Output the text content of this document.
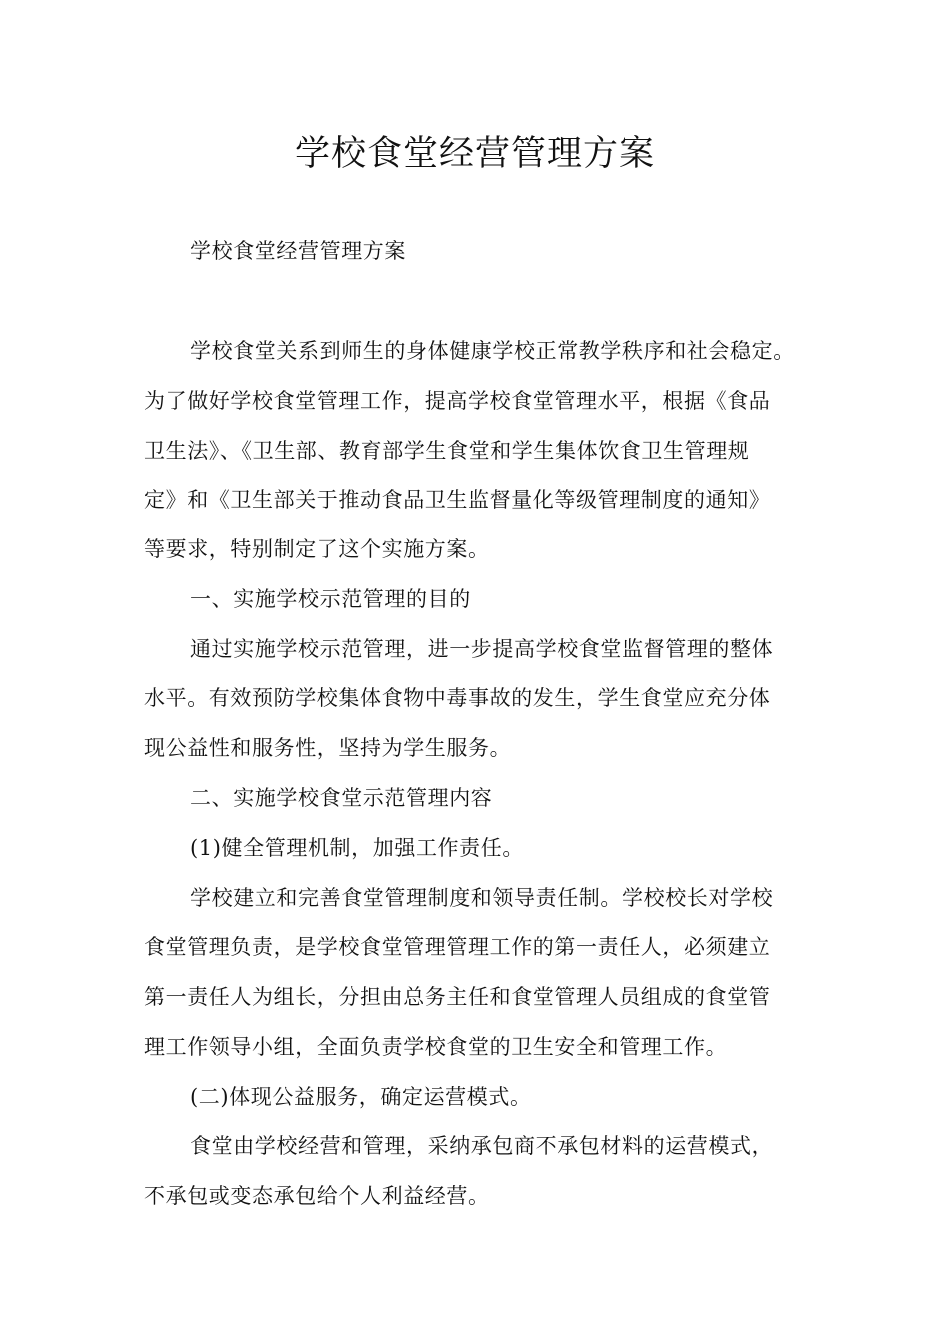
学校食堂经营管理方案
学校食堂经营管理方案
学校食堂关系到师生的身体健康学校正常教学秩序和社会稳定。
为了做好学校食堂管理工作，提高学校食堂管理水平，根据《食品
卫生法》、《卫生部、教育部学生食堂和学生集体饮食卫生管理规
定》和《卫生部关于推动食品卫生监督量化等级管理制度的通知》
等要求，特别制定了这个实施方案。
一、实施学校示范管理的目的
通过实施学校示范管理，进一步提高学校食堂监督管理的整体
水平。有效预防学校集体食物中毒事故的发生，学生食堂应充分体
现公益性和服务性，坚持为学生服务。
二、实施学校食堂示范管理内容
(1)健全管理机制，加强工作责任。
学校建立和完善食堂管理制度和领导责任制。学校校长对学校
食堂管理负责，是学校食堂管理管理工作的第一责任人，必须建立
第一责任人为组长，分担由总务主任和食堂管理人员组成的食堂管
理工作领导小组，全面负责学校食堂的卫生安全和管理工作。
(二)体现公益服务，确定运营模式。
食堂由学校经营和管理，采纳承包商不承包材料的运营模式，
不承包或变态承包给个人利益经营。
